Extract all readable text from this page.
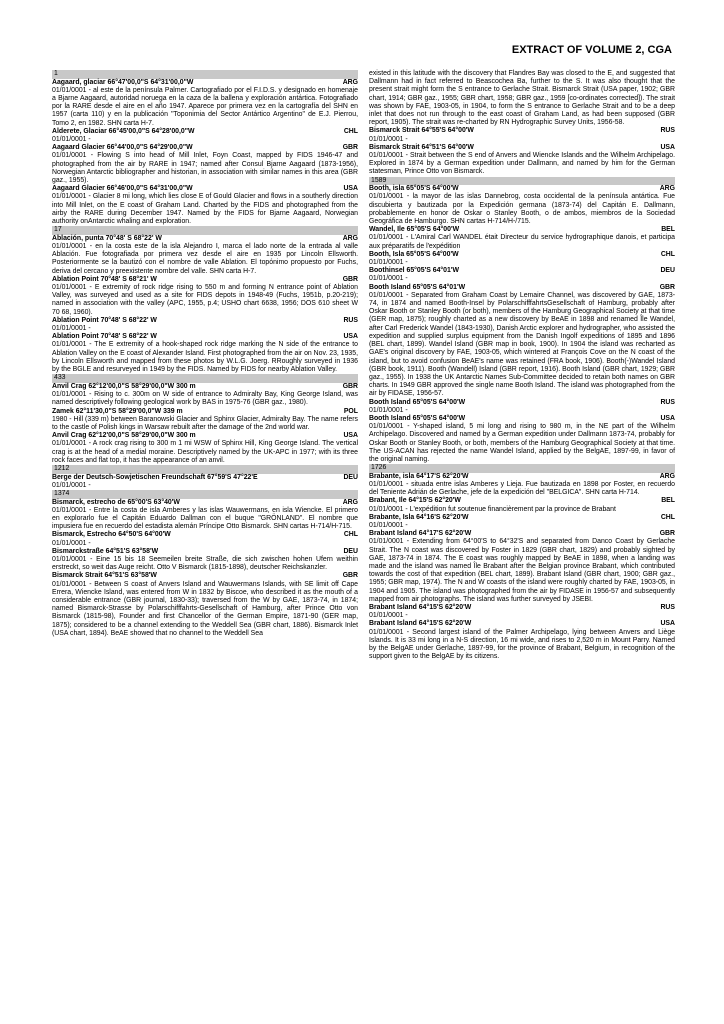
EXTRACT OF VOLUME 2, CGA
1
Aagaard, glaciar 66°47'00,0"S 64°31'00,0"W	ARG
01/01/0001 - al este de la península Palmer. Cartografiado por el F.I.D.S. y designado en homenaje a Bjarne Aagaard, autoridad noruega en la caza de la ballena y exploración antártica. Fotografiado por la RARE desde el aire en el año 1947. Aparece por primera vez en la cartografía del SHN en 1957 (carta 110) y en la publicación "Toponimia del Sector Antártico Argentino" de E.J. Pierrou, Tomo 2, en 1982. SHN carta H-7.
Alderete, Glaciar 66°45'00,0"S 64°28'00,0"W	CHL
01/01/0001 -
Aagaard Glacier 66°44'00,0"S 64°29'00,0"W	GBR
01/01/0001 - Flowing S into head of Mill Inlet, Foyn Coast, mapped by FIDS 1946-47 and photographed from the air by RARE in 1947; named after Consul Bjarne Aagaard (1873-1956), Norwegian Antarctic bibliographer and historian, in association with similar names in this area (GBR gaz., 1955).
Aagaard Glacier 66°46'00,0"S 64°31'00,0"W	USA
01/01/0001 - Glacier 8 mi long, which lies close E of Gould Glacier and flows in a southerly direction into Mill Inlet, on the E coast of Graham Land. Charted by the FIDS and photographed from the airby the RARE during December 1947. Named by the FIDS for Bjarne Aagaard, Norwegian authority onAntarctic whaling and exploration.
17
Ablación, punta 70°48' S 68°22' W	ARG
01/01/0001 - en la costa este de la isla Alejandro I, marca el lado norte de la entrada al valle Ablación. Fue fotografiada por primera vez desde el aire en 1935 por Lincoln Ellsworth. Posteriormente se la bautizó con el nombre de valle Ablation. El topónimo propuesto por Fuchs, deriva del cercano y preexistente nombre del valle. SHN carta H-7.
Ablation Point 70°48' S 68°21' W	GBR
01/01/0001 - E extremity of rock ridge rising to 550 m and forming N entrance point of Ablation Valley, was surveyed and used as a site for FIDS depots in 1948-49 (Fuchs, 1951b, p.20-219); named in association with the valley (APC, 1955, p.4; USHO chart 6638, 1956; DOS 610 sheet W 70 68, 1960).
Ablation Point 70°48' S 68°22' W	RUS
01/01/0001 -
Ablation Point 70°48' S 68°22' W	USA
01/01/0001 - The E extremity of a hook-shaped rock ridge marking the N side of the entrance to Ablation Valley on the E coast of Alexander Island. First photographed from the air on Nov. 23, 1935, by Lincoln Ellsworth and mapped from these photos by W.L.G. Joerg. RRoughly surveyed in 1936 by the BGLE and resurveyed in 1949 by the FIDS. Named by FIDS for nearby Ablation Valley.
433
Anvil Crag 62°12'00,0"S 58°29'00,0"W 300 m	GBR
01/01/0001 - Rising to c. 300m on W side of entrance to Admiralty Bay, King George Island, was named descriptively following geological work by BAS in 1975-76 (GBR gaz., 1980).
Zamek 62°11'30,0"S 58°29'00,0"W 339 m	POL
1980 - Hill (339 m) between Baranowski Glacier and Sphinx Glacier, Admiralty Bay. The name refers to the castle of Polish kings in Warsaw rebuilt after the damage of the 2nd world war.
Anvil Crag 62°12'00,0"S 58°29'00,0"W 300 m	USA
01/01/0001 - A rock crag rising to 300 m 1 mi WSW of Sphinx Hill, King George Island. The vertical crag is at the head of a medial moraine. Descriptively named by the UK-APC in 1977; with its three rock faces and flat top, it has the appearance of an anvil.
1212
Berge der Deutsch-Sowjetischen Freundschaft 67°59'S 47°22'E	DEU
01/01/0001 -
1374
Bismarck, estrecho de 65°00'S 63°40'W	ARG
01/01/0001 - Entre la costa de isla Amberes y las islas Wauwermans, en isla Wiencke. El primero en explorarlo fue el Capitán Eduardo Dallman con el buque "GRÖNLAND". El nombre que impusiera fue en recuerdo del estadista alemán Príncipe Otto Bismarck. SHN cartas H-714/H-715.
Bismarck, Estrecho 64°50'S 64°00'W	CHL
01/01/0001 -
Bismarckstraße 64°51'S 63°58'W	DEU
01/01/0001 - Eine 15 bis 18 Seemeilen breite Straße, die sich zwischen hohen Ufern weithin erstreckt, so weit das Auge reicht. Otto V Bismarck (1815-1898), deutscher Reichskanzler.
Bismarck Strait 64°51'S 63°58'W	GBR
01/01/0001 - Between S coast of Anvers Island and Wauwermans Islands, with SE limit off Cape Errera, Wiencke Island, was entered from W in 1832 by Biscoe, who described it as the mouth of a considerable entrance (GBR journal, 1830-33); traversed from the W by GAE, 1873-74, in 1874; named Bismarck-Strasse by Polarschifffahrts-Gesellschaft of Hamburg, after Prince Otto von Bismarck (1815-98), Founder and first Chancellor of the German Empire, 1871-90 (GER map, 1875); considered to be a channel extending to the Weddell Sea (GBR chart, 1886). Bismarck Inlet (USA chart, 1894). BeAE showed that no channel to the Weddell Sea
existed in this latitude with the discovery that Flandres Bay was closed to the E, and suggested that Dallmann had in fact referred to Beascochea Ba, further to the S. It was also thought that the present strait might form the S entrance to Gerlache Strait. Bismarck Strait (USA paper, 1902; GBR chart, 1914; GBR gaz., 1955; GBR chart, 1958; GBR gaz., 1959 [co-ordinates corrected]). The strait was shown by FAE, 1903-05, in 1904, to form the S entrance to Gerlache Strait and to be a deep inlet that does not run through to the east coast of Graham Land, as had been supposed (GBR report, 1905). The strait was re-charted by RN Hydrographic Survey Units, 1956-58.
Bismarck Strait 64°55'S 64°00'W	RUS
01/01/0001 -
Bismarck Strait 64°51'S 64°00'W	USA
01/01/0001 - Strait between the S end of Anvers and Wiencke Islands and the Wilhelm Archipelago. Explored in 1874 by a German expedition under Dallmann, and named by him for the German statesman, Prince Otto von Bismarck.
1589
Booth, isla 65°05'S 64°00'W	ARG
01/01/0001 - la mayor de las islas Dannebrog, costa occidental de la península antártica. Fue discubierta y bautizada por la Expedición germana (1873-74) del Capitán E. Dallmann, probablemente en honor de Oskar o Stanley Booth, o de ambos, miembros de la Sociedad Geográfica de Hamburgo. SHN cartas H-714/H-/715.
Wandel, Ile 65°05'S 64°00'W	BEL
01/01/0001 - L'Amiral Carl WANDEL était Directeur du service hydrographique danois, et participa aux préparatifs de l'expédition
Booth, Isla 65°05'S 64°00'W	CHL
01/01/0001 -
Boothinsel 65°05'S 64°01'W	DEU
01/01/0001 -
Booth Island 65°05'S 64°01'W	GBR
01/01/0001 - Separated from Graham Coast by Lemaire Channel, was discovered by GAE, 1873-74, in 1874 and named Booth-Insel by PolarschifffahrtsGesellschaft of Hamburg, probably after Oskar Booth or Stanley Booth (or both), members of the Hamburg Geographical Society at that time (GER map, 1875); roughly charted as a new discovery by BeAE in 1898 and renamed Île Wandel, after Carl Frederick Wandel (1843-1930), Danish Arctic explorer and hydrographer, who assisted the expedition and supplied surplus equipment from the Danish Ingolf expeditions of 1895 and 1896 (BEL chart, 1899). Wandel Island (GBR map in book, 1900). In 1904 the island was recharted as GAE's original discovery by FAE, 1903-05, which wintered at François Cove on the N coast of the island, but to avoid confusion BeAE's name was retained (FRA book, 1906). Booth(-)Wandel Island (GBR book, 1911). Booth (Wandell) Island (GBR report, 1916). Booth Island (GBR chart, 1929; GBR gaz., 1955). In 1938 the UK Antarctic Names Sub-Committee decided to retain both names on GBR charts. In 1949 GBR approved the single name Booth Island. The island was photographed from the air by FIDASE, 1956-57.
Booth Island 65°05'S 64°00'W	RUS
01/01/0001 -
Booth Island 65°05'S 64°00'W	USA
01/01/0001 - Y-shaped island, 5 mi long and rising to 980 m, in the NE part of the Wilhelm Archipelago. Discovered and named by a German expedition under Dallmann 1873-74, probably for Oskar Booth or Stanley Booth, or both, members of the Hamburg Geographical Society at that time. The US-ACAN has rejected the name Wandel Island, applied by the BelgAE, 1897-99, in favor of the original naming.
1726
Brabante, isla 64°17'S 62°20'W	ARG
01/01/0001 - situada entre islas Amberes y Lieja. Fue bautizada en 1898 por Foster, en recuerdo del Teniente Adrián de Gerlache, jefe de la expedición del "BELGICA". SHN carta H-714.
Brabant, Ile 64°15'S 62°20'W	BEL
01/01/0001 - L'expédition fut soutenue financièrement par la province de Brabant
Brabante, Isla 64°16'S 62°20'W	CHL
01/01/0001 -
Brabant Island 64°17'S 62°20'W	GBR
01/01/0001 - Extending from 64°00'S to 64°32'S and separated from Danco Coast by Gerlache Strait. The N coast was discovered by Foster in 1829 (GBR chart, 1829) and probably sighted by GAE, 1873-74 in 1874. The E coast was roughly mapped by BeAE in 1898, when a landing was made and the island was named Île Brabant after the Belgian province Brabant, which contributed towards the cost of that expedition (BEL chart, 1899). Brabant Island (GBR chart, 1900; GBR gaz., 1955; GBR map, 1974). The N and W coasts of the island were roughly charted by FAE, 1903-05, in 1904 and 1905. The island was photographed from the air by FIDASE in 1956-57 and subsequently mapped from air photographs. The island was further surveyed by JSEBI.
Brabant Island 64°15'S 62°20'W	RUS
01/01/0001 -
Brabant Island 64°15'S 62°20'W	USA
01/01/0001 - Second largest island of the Palmer Archipelago, lying between Anvers and Liège Islands. It is 33 mi long in a N-S direction, 16 mi wide, and rises to 2,520 m in Mount Parry. Named by the BelgAE under Gerlache, 1897-99, for the province of Brabant, Belgium, in recognition of the support given to the BelgAE by its citizens.
